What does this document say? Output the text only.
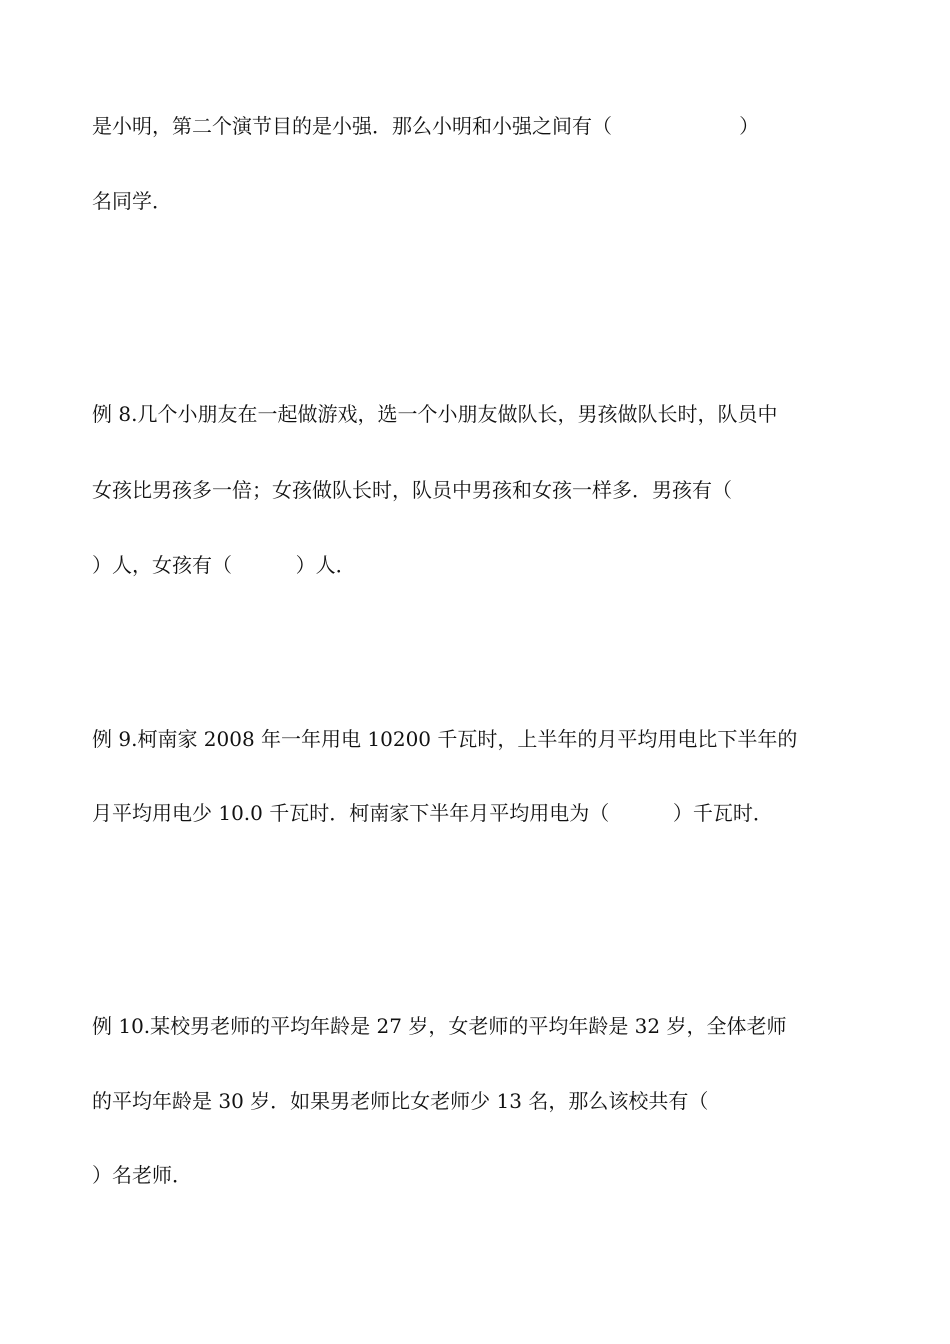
是小明，第二个演节目的是小强．那么小明和小强之间有（                    ）
名同学．
例 8.几个小朋友在一起做游戏，选一个小朋友做队长，男孩做队长时，队员中
女孩比男孩多一倍；女孩做队长时，队员中男孩和女孩一样多．男孩有（
）人，女孩有（          ）人．
例 9.柯南家 2008 年一年用电 10200 千瓦时，上半年的月平均用电比下半年的
月平均用电少 10.0 千瓦时．柯南家下半年月平均用电为（          ）千瓦时．
例 10.某校男老师的平均年龄是 27 岁，女老师的平均年龄是 32 岁，全体老师
的平均年龄是 30 岁．如果男老师比女老师少 13 名，那么该校共有（
）名老师．
